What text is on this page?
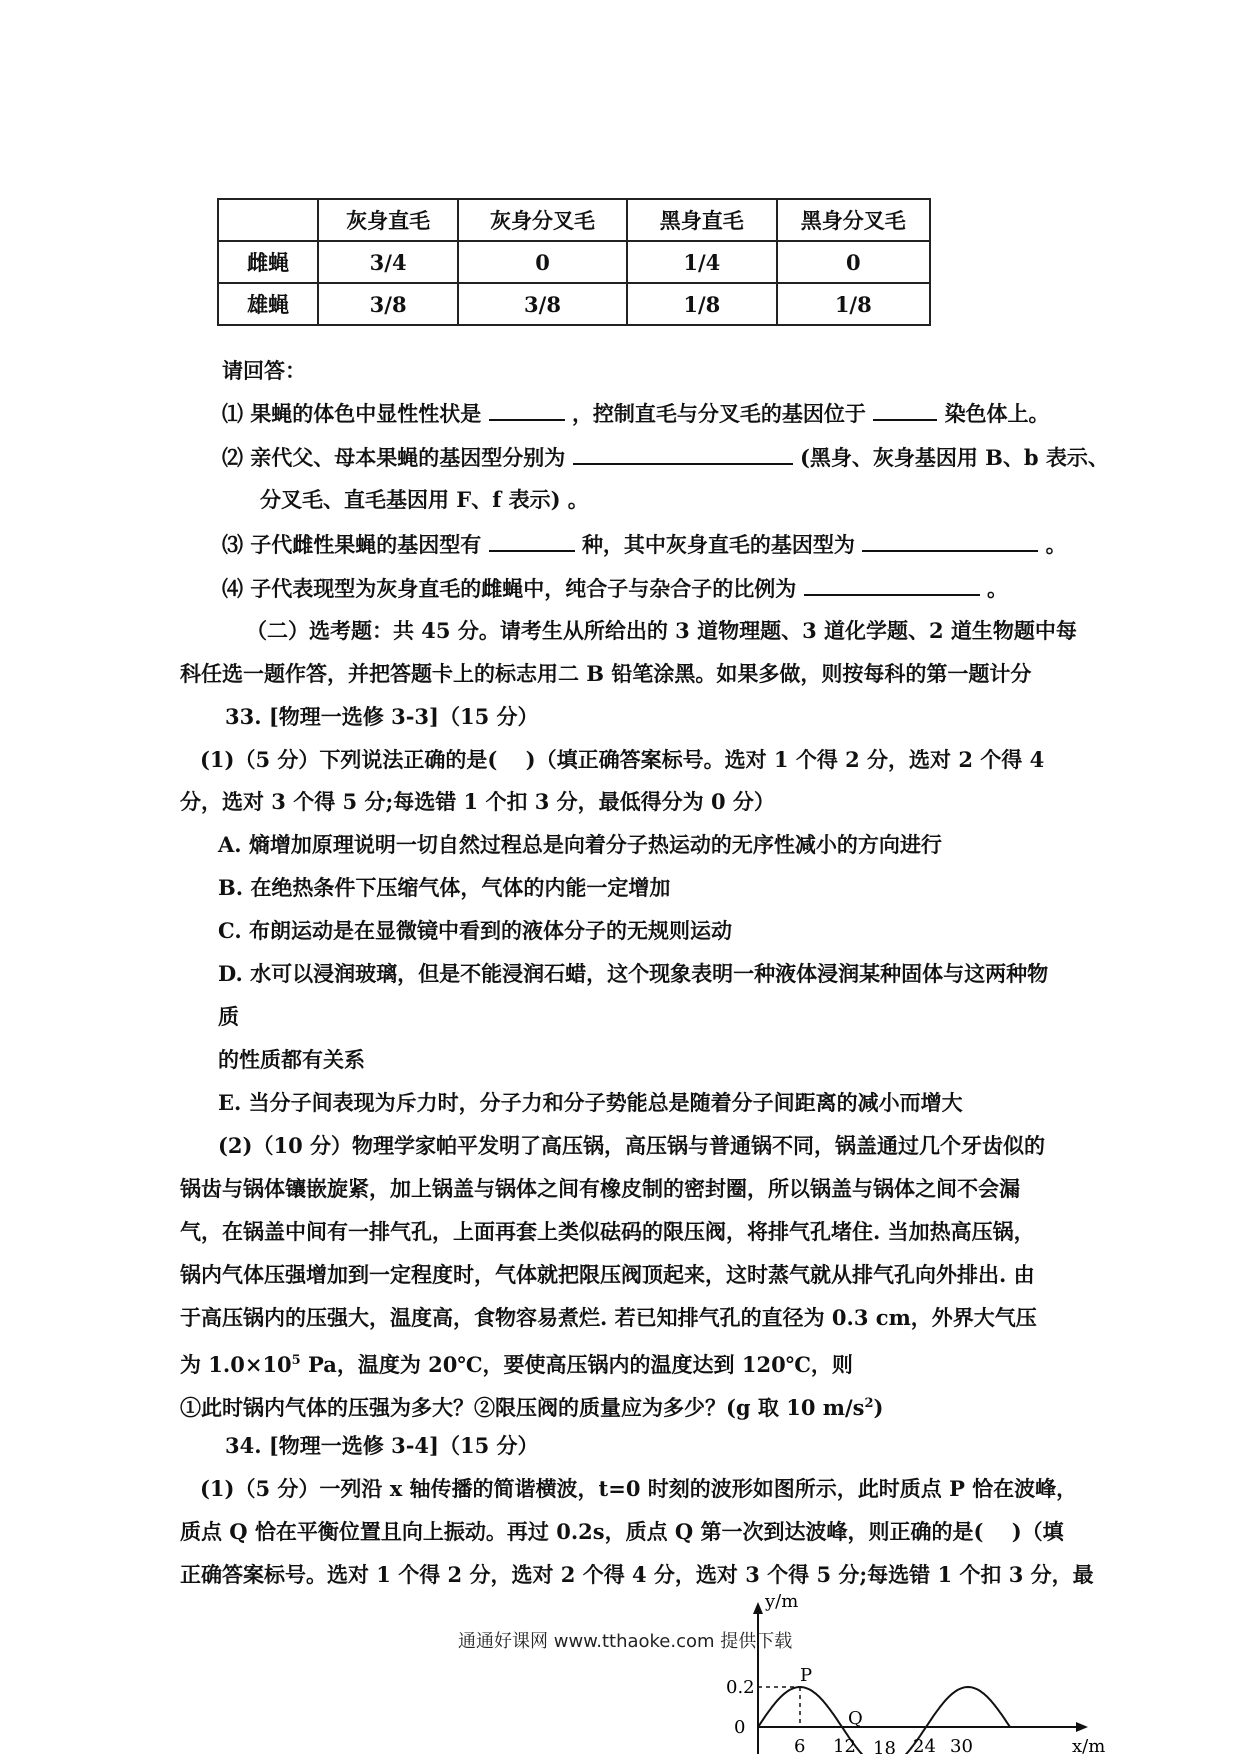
	灰身直毛	灰身分叉毛	黑身直毛	黑身分叉毛
雌蝇	3/4	0	1/4	0
雄蝇	3/8	3/8	1/8	1/8
请回答：
⑴ 果蝇的体色中显性性状是	，控制直毛与分叉毛的基因位于	染色体上。
⑵ 亲代父、母本果蝇的基因型分别为	(黑身、灰身基因用 B、b 表示、
分叉毛、直毛基因用 F、f 表示) 。
⑶ 子代雌性果蝇的基因型有	种，其中灰身直毛的基因型为	。
⑷ 子代表现型为灰身直毛的雌蝇中，纯合子与杂合子的比例为	。
（二）选考题：共 45 分。请考生从所给出的 3 道物理题、3 道化学题、2 道生物题中每
科任选一题作答，并把答题卡上的标志用二 B 铅笔涂黑。如果多做，则按每科的第一题计分
33. [物理一选修 3-3]（15 分）
(1)（5 分）下列说法正确的是(　 )（填正确答案标号。选对 1 个得 2 分，选对 2 个得 4
分，选对 3 个得 5 分;每选错 1 个扣 3 分，最低得分为 0 分）
A. 熵增加原理说明一切自然过程总是向着分子热运动的无序性减小的方向进行
B. 在绝热条件下压缩气体，气体的内能一定增加
C. 布朗运动是在显微镜中看到的液体分子的无规则运动
D. 水可以浸润玻璃，但是不能浸润石蜡，这个现象表明一种液体浸润某种固体与这两种物
质
的性质都有关系
E. 当分子间表现为斥力时，分子力和分子势能总是随着分子间距离的减小而增大
(2)（10 分）物理学家帕平发明了高压锅，高压锅与普通锅不同，锅盖通过几个牙齿似的
锅齿与锅体镶嵌旋紧，加上锅盖与锅体之间有橡皮制的密封圈，所以锅盖与锅体之间不会漏
气，在锅盖中间有一排气孔，上面再套上类似砝码的限压阀，将排气孔堵住. 当加热高压锅，
锅内气体压强增加到一定程度时，气体就把限压阀顶起来，这时蒸气就从排气孔向外排出. 由
于高压锅内的压强大，温度高，食物容易煮烂. 若已知排气孔的直径为 0.3 cm，外界大气压
为 $1.0\times 10^5$ Pa，温度为 20℃，要使高压锅内的温度达到 120℃，则
①此时锅内气体的压强为多大？②限压阀的质量应为多少？(g 取 10 $m/s^2$)
34. [物理一选修 3-4]（15 分）
(1)（5 分）一列沿 x 轴传播的简谐横波，t=0 时刻的波形如图所示，此时质点 P 恰在波峰，
质点 Q 恰在平衡位置且向上振动。再过 0.2s，质点 Q 第一次到达波峰，则正确的是(　 )（填
正确答案标号。选对 1 个得 2 分，选对 2 个得 4 分，选对 3 个得 5 分;每选错 1 个扣 3 分，最
通通好课网 www.tthaoke.com 提供下载
y/m
x/m
0.2
0
P
Q
6 12 18 24 30
